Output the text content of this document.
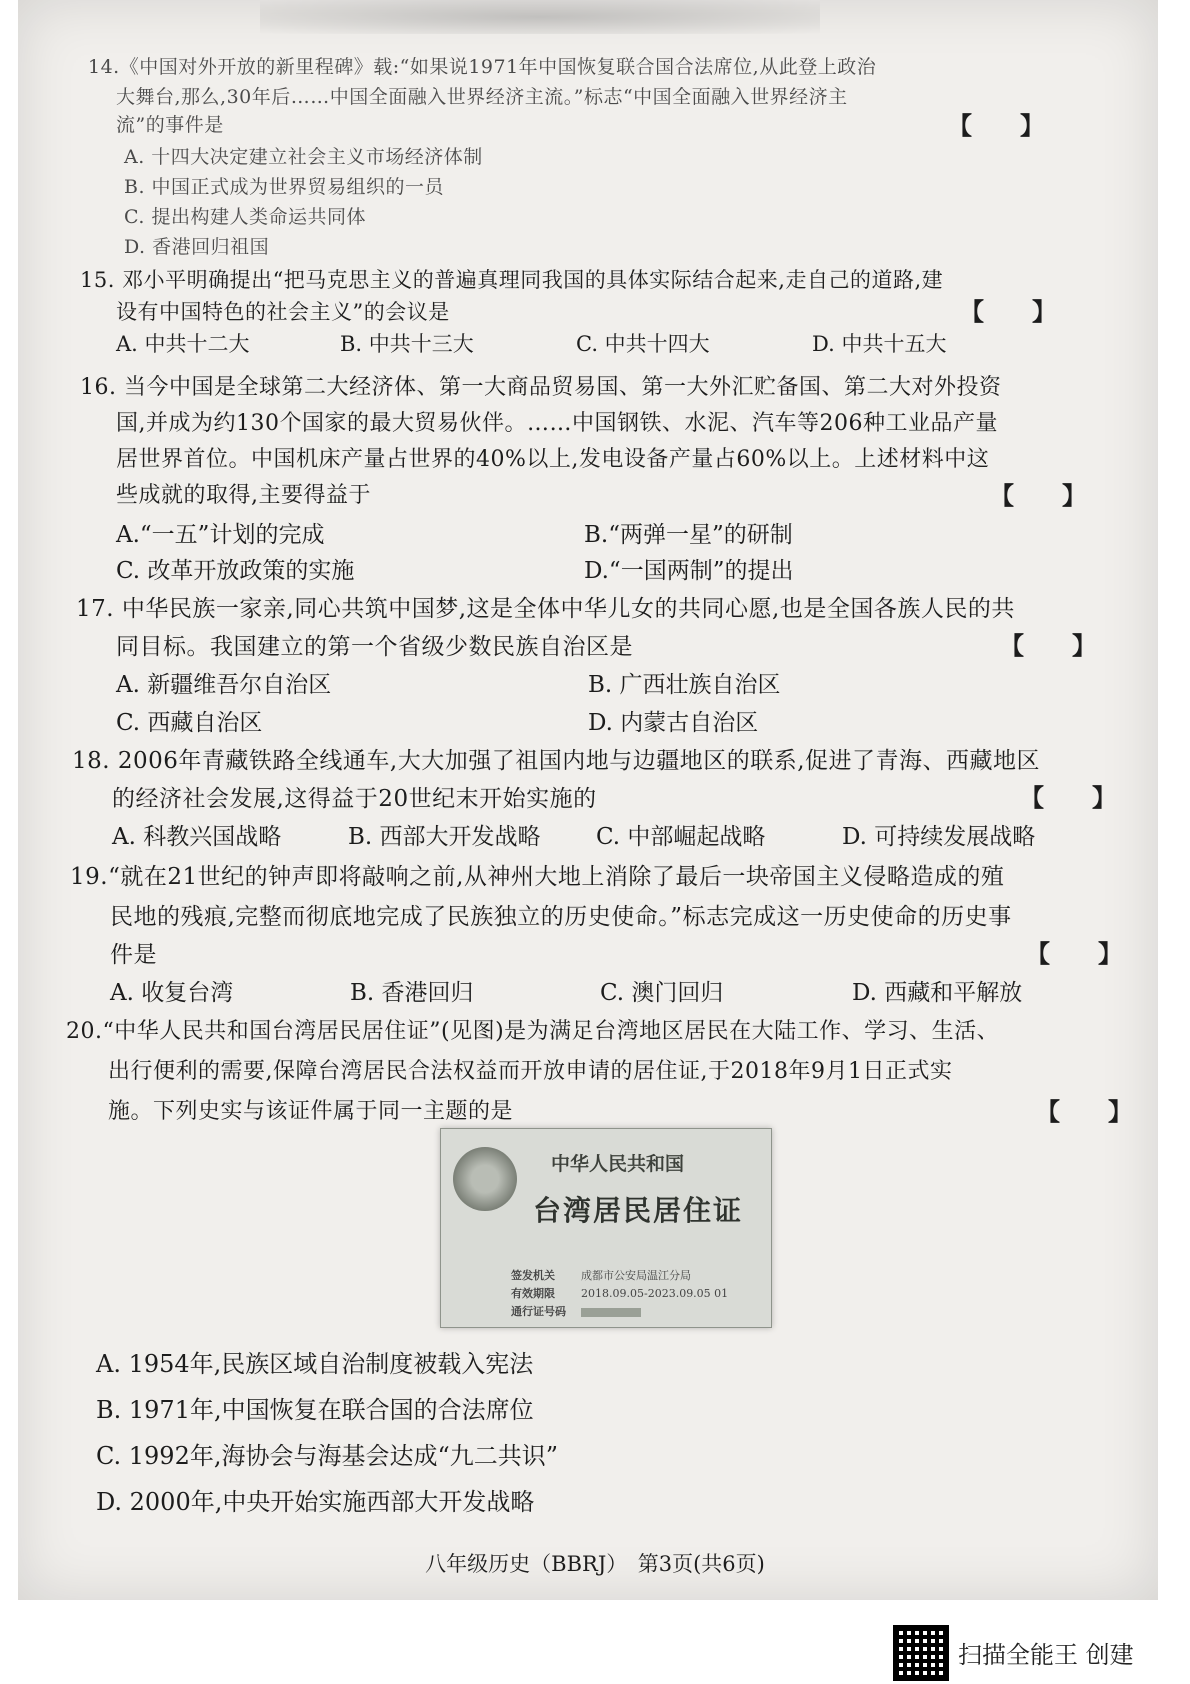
14.《中国对外开放的新里程碑》载:“如果说1971年中国恢复联合国合法席位,从此登上政治
大舞台,那么,30年后……中国全面融入世界经济主流。”标志“中国全面融入世界经济主
流”的事件是	【　　】
A. 十四大决定建立社会主义市场经济体制
B. 中国正式成为世界贸易组织的一员
C. 提出构建人类命运共同体
D. 香港回归祖国
15. 邓小平明确提出“把马克思主义的普遍真理同我国的具体实际结合起来,走自己的道路,建
设有中国特色的社会主义”的会议是	【　　】
A. 中共十二大	B. 中共十三大	C. 中共十四大	D. 中共十五大
16. 当今中国是全球第二大经济体、第一大商品贸易国、第一大外汇贮备国、第二大对外投资
国,并成为约130个国家的最大贸易伙伴。……中国钢铁、水泥、汽车等206种工业品产量
居世界首位。中国机床产量占世界的40%以上,发电设备产量占60%以上。上述材料中这
些成就的取得,主要得益于	【　　】
A.“一五”计划的完成	B.“两弹一星”的研制
C. 改革开放政策的实施	D.“一国两制”的提出
17. 中华民族一家亲,同心共筑中国梦,这是全体中华儿女的共同心愿,也是全国各族人民的共
同目标。我国建立的第一个省级少数民族自治区是	【　　】
A. 新疆维吾尔自治区	B. 广西壮族自治区
C. 西藏自治区	D. 内蒙古自治区
18. 2006年青藏铁路全线通车,大大加强了祖国内地与边疆地区的联系,促进了青海、西藏地区
的经济社会发展,这得益于20世纪末开始实施的	【　　】
A. 科教兴国战略	B. 西部大开发战略 C. 中部崛起战略	D. 可持续发展战略
19.“就在21世纪的钟声即将敲响之前,从神州大地上消除了最后一块帝国主义侵略造成的殖
民地的残痕,完整而彻底地完成了民族独立的历史使命。”标志完成这一历史使命的历史事
件是	【　　】
A. 收复台湾	B. 香港回归	C. 澳门回归	D. 西藏和平解放
20.“中华人民共和国台湾居民居住证”(见图)是为满足台湾地区居民在大陆工作、学习、生活、
出行便利的需要,保障台湾居民合法权益而开放申请的居住证,于2018年9月1日正式实
施。下列史实与该证件属于同一主题的是	【　　】
中华人民共和国
台湾居民居住证
签发机关 成都市公安局温江分局
有效期限 2018.09.05-2023.09.05 01
通行证号码
A. 1954年,民族区域自治制度被载入宪法
B. 1971年,中国恢复在联合国的合法席位
C. 1992年,海协会与海基会达成“九二共识”
D. 2000年,中央开始实施西部大开发战略
八年级历史（BBRJ）　第3页(共6页)
扫描全能王 创建
